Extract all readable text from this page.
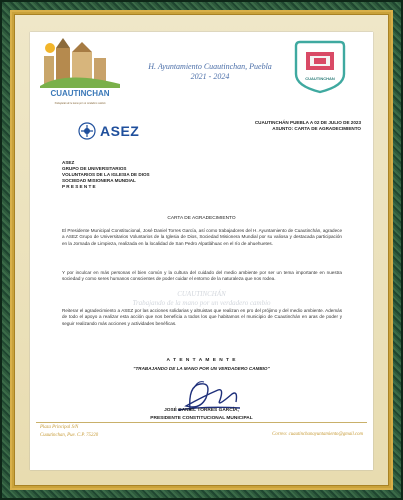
CUAUTINCHAN
Trabajando de la mano por un verdadero cambio
H. Ayuntamiento Cuautinchan, Puebla
2021 - 2024	CUAUTINCHAN
ASEZ
CUAUTINCHÁN PUEBLA A 02 DE JULIO DE 2023
ASUNTO: CARTA DE AGRADECIMIENTO
ASEZ
GRUPO DE UNIVERSITARIOS
VOLUNTARIOS DE LA IGLESIA DE DIOS
SOCIEDAD MISIONERA MUNDIAL
P R E S E N T E
CARTA DE AGRADECIMIENTO
CUAUTINCHÁN
Trabajando de la mano por un verdadero cambio
El Presidente Municipal Constitucional, José Daniel Torres García, así como trabajadores del H. Ayuntamiento de Cuautinchán, agradece a ASEZ Grupo de Universitarios Voluntarios de la Iglesia de Dios, Sociedad Misionera Mundial por su valiosa y destacada participación en la Jornada de Limpieza, realizada en la localidad de San Pedro Alpatláhuac en el río de ahuehuetes.
Y por inculcar en más personas el bien común y la cultura del cuidado del medio ambiente por ser un tema importante en nuestra sociedad y como seres humanos conscientes de poder cuidar el entorno de la naturaleza que nos rodea.
Reiterar el agradecimiento a ASEZ por las acciones solidarias y altruistas que realizan en pro del prójimo y del medio ambiente. Además de todo el apoyo a realizar esta acción que nos beneficia a todos los que habitamos el municipio de Cuautinchán en aras de poder y seguir realizando más acciones y actividades benéficas.
A T E N T A M E N T E
"TRABAJANDO DE LA MANO POR UN VERDADERO CAMBIO"
JOSÉ DANIEL TORRES GARCÍA,
PRESIDENTE CONSTITUCIONAL MUNICIPAL
Plaza Principal S/N
Cuautinchan, Pue. C.P. 75220	Correo: cuautinchanayuntamiento@gmail.com
